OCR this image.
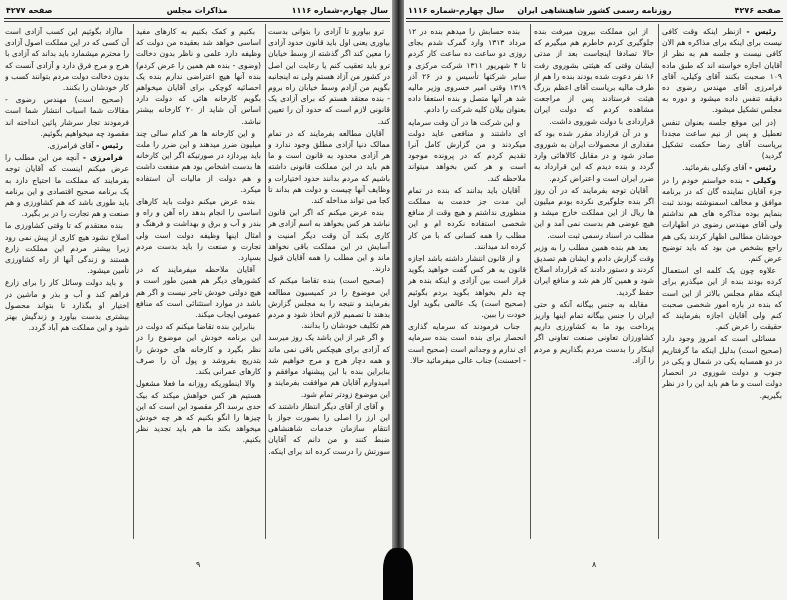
سال چهارم-شماره ۱۱۱۶
مذاکرات مجلس
صفحه ۴۲۷۷

ترو بیاورو تا آزادی را بتوانی بدست بیاوری یعنی اول باید قانون حدود آزادی را معین کند اگر گذشته از وسط خیابان ترو باید تعقیب کنم یا رعایت این اصل در کشور من آزاد هستم ولی نه اینجانبه بگویم من آزادم وسط خیابان راه بروم - بنده معتقد هستم که برای آزادی یک قانونی لازم است که حدود آن را تعیین کند.

آقایان مطالعه بفرمایند که در تمام ممالک دنیا آزادی مطلق وجود ندارد و هر آزادی محدود به قانون است و ما هم باید در این مملکت قانونی داشته باشیم که مردم بدانند حدود اختیارات و وظایف آنها چیست و دولت هم بداند تا کجا می تواند مداخله کند.

بنده عرض میکنم که اگر این قانون نباشد هر کس بخواهد به اسم آزادی هر کاری بکند آن وقت دیگر امنیت و آسایش در این مملکت باقی نخواهد ماند و این مطلب را همه آقایان قبول دارند.

(صحیح است) بنده تقاضا میکنم که این موضوع را در کمیسیون مطالعه بفرمایند و نتیجه را به مجلس گزارش بدهند تا تصمیم لازم اتخاذ شود و مردم هم تکلیف خودشان را بدانند.

و اگر غیر از این باشد یک روز میرسد که آزادی برای هیچکس باقی نمی ماند و همه دچار هرج و مرج خواهیم شد بنابراین بنده با این پیشنهاد موافقم و امیدوارم آقایان هم موافقت بفرمایند و این موضوع زودتر تمام شود.

و آقای از آقای دیگر انتظار داشتند که این ارز را اصلی را بصورت جواز با انتقام سازمان خدمات شاهنشاهی ضبط کنند و من دانم که آقایان سورتش را درست کرده اند برای اینکه.

بکنیم و کمک بکنیم به کارهای مفید اساسی خواهد شد بعقیده من دولت که وظیفه دارد علمی و ناظر بدون دخالت (وضوی - بنده هم همین را عرض کردم) بنده آنها هیچ اعتراضی ندارم بنده یک احصائیه کوچکی برای آقایان میخواهم بگویم کارخانه هائی که دولت دارد اساس آن شاید از ۲۰ کارخانه بیشتر نباشد.

و این کارخانه ها هر کدام سالی چند میلیون ضرر میدهند و این ضرر را ملت باید بپردازد در صورتیکه اگر این کارخانه ها بدست اشخاص بود هم منفعت داشت و هم دولت از مالیات آن استفاده میکرد.

بنده عرض میکنم دولت باید کارهای اساسی را انجام بدهد راه آهن و راه و بندر و آب و برق و بهداشت و فرهنگ و امثال اینها وظیفه دولت است ولی تجارت و صنعت را باید بدست مردم بسپارد.

آقایان ملاحظه میفرمایند که در کشورهای دیگر هم همین طور است و هیچ دولتی خودش تاجر نیست و اگر هم باشد در موارد استثنائی است که منافع عمومی ایجاب میکند.

بنابراین بنده تقاضا میکنم که دولت در این برنامه خودش این موضوع را در نظر بگیرد و کارخانه های خودش را بتدریج بفروشد و پول آن را صرف کارهای عمرانی بکند.

والا اینطوریکه روزانه ما فعلا مشغول هستیم هر کس خواهش میکند که بیک حدی برسد اگر مقصود این است که این چیزها را انگو بکنیم که هر چه خودش میخواهد بکند ما هم باید تجدید نظر بکنیم.

ماآزاد بگوئیم این کسب آزادی است آن کسی که در این مملکت اصول آزادی را محترم میشمارد باید بداند که آزادی با هرج و مرج فرق دارد و آزادی آنست که بدون دخالت دولت مردم بتوانند کسب و کار خودشان را بکنند.

(صحیح است) مهندس رضوی - مقالات شما اسباب انتشار شما است فرمودند تجار سرشار پائین انداخته اند مقصود چه میخواهیم بگوئیم.

رئیس - آقای فرامرزی.

فرامرزی - آنچه من این مطلب را عرض میکنم اینست که آقایان توجه بفرمایند که مملکت ما احتیاج دارد به یک برنامه صحیح اقتصادی و این برنامه باید طوری باشد که هم کشاورزی و هم صنعت و هم تجارت را در بر بگیرد.

بنده معتقدم که تا وقتی کشاورزی ما اصلاح نشود هیچ کاری از پیش نمی رود زیرا بیشتر مردم این مملکت زارع هستند و زندگی آنها از راه کشاورزی تأمین میشود.

و باید دولت وسائل کار را برای زارع فراهم کند و آب و بذر و ماشین در اختیار او بگذارد تا بتواند محصول بیشتری بدست بیاورد و زندگیش بهتر شود و این مملکت هم آباد گردد.

۹
سال چهارم-شماره ۱۱۱۶ روزنامه رسمی کشور شاهنشاهی ایران	صفحه ۴۲۷۶

بنده حسابش را میدهم بنده در ۱۲ مرداد ۱۳۱۳ وارد گمرک شدم بجای روزی دو ساعت ده ساعت کار کردم تا ۴ شهریور ۱۳۱۱ شرکت مرکزی و سایر شرکتها تأسیس و در ۲۶ آذر ۱۳۱۹ وقتی امیر خسروی وزیر مالیه شد هر آنها متصل و بنده استعفا داده بعنوان بیلان کلیه شرکت را دادم.

و این شرکت ها در آن وقت سرمایه ای داشتند و منافعی عاید دولت میکردند و من گزارش کامل آنرا تقدیم کردم که در پرونده موجود است و هر کس بخواهد میتواند ملاحظه کند.

آقایان باید بدانند که بنده در تمام این مدت جز خدمت به مملکت منظوری نداشتم و هیچ وقت از منافع شخصی استفاده نکرده ام و این مطلب را همه کسانی که با من کار کرده اند میدانند.

و از قانون انتشار داشته باشد اجازه قانون به هر کس گفت خواهید بگوید قرار است بین آزادی و اینکه بنده هر چه دلم بخواهد بگوید بردم بگوئیم (صحیح است) یک عالمی بگوید اول خودت را ببین.

جناب فرمودند که سرمایه گذاری انحصار برای بنده است بنده سرمایه ای ندارم و وجدانم است (صحیح است - احسنت) جناب عالی میفرمائید حالا.

از این مملکت بیرون میرفت بنده جلوگیری کردم خاطرم هم میگیرم که حالا تصادفا اینجاست بعد از مدتی ایشان وقتی که هیئتی بشوروی رفت ۱۶ نفر دعوت شده بودند بنده را هم از طرف مالیه بریاست آقای اعظم بزرگ هیئت فرستادند پس از مراجعت مشاهده کردم که دولت ایران قراردادی با دولت شوروی داشت.

و در آن قرارداد مقرر شده بود که مقداری از محصولات ایران به شوروی صادر شود و در مقابل کالاهائی وارد گردد و بنده دیدم که این قرارداد به ضرر ایران است و اعتراض کردم.

آقایان توجه بفرمایند که در آن روز اگر بنده جلوگیری نکرده بودم میلیون ها ریال از این مملکت خارج میشد و هیچ عوضی هم بدست نمی آمد و این مطلب در اسناد رسمی ثبت است.

بعد هم بنده همین مطلب را به وزیر وقت گزارش دادم و ایشان هم تصدیق کردند و دستور دادند که قرارداد اصلاح شود و همین کار هم شد و منافع ایران حفظ گردید.

مقابله به جنس بیگانه آنکه و حتی ایران را جنس بیگانه تمام اینها واریز پرداخت بود ما به کشاورزی داریم کشاورزان تعاونی صنعت تعاونی اگر اینکار را بدست مردم بگذاریم و مردم را آزاد.

رئیس - ازنظر اینکه وقت کافی نیست برای اینکه برای مذاکره هم الان کافی نیست و جلسه هم به نظر از آقایان اجازه خواسته اند که طبق ماده ۱۰۹ صحبت بکنند آقای وکیلی، آقای فرامرزی آقای مهندس رضوی ده دقیقه تنفس داده میشود و دوره به مجلس تشکیل میشود.

(در این موقع جلسه بعنوان تنفس تعطیل و پس از نیم ساعت مجددا بریاست آقای رضا حکمت تشکیل گردید)

رئیس - آقای وکیلی بفرمائید.

وکیلی - بنده خواستم خودم را در جزء آقایان نماینده گان که در برنامه موافق و مخالف اسمنوشته بودند ثبت بنمایم بوده مذاکره های هم نداشتم ولی آقای مهندس رضوی در اظهارات خودشان مطالبی اظهار کردند یکی هم راجع بشخص من بود که باید توضیح عرض کنم.

علاوه چون یک کلمه ای استعمال کرده بودند بنده از این میگذرم برای اینکه مقام مجلس بالاتر از این است که بنده در باره امور شخصی صحبت کنم ولی آقایان اجازه بفرمایند که حقیقت را عرض کنم.

مسائلی است که امروز وجود دارد (صحیح است) بدلیل اینکه ما گرفتاریم در دو همسایه یکی در شمال و یکی در جنوب و دولت شوروی در انحصار دولت است و ما هم باید این را در نظر بگیریم.

۸
